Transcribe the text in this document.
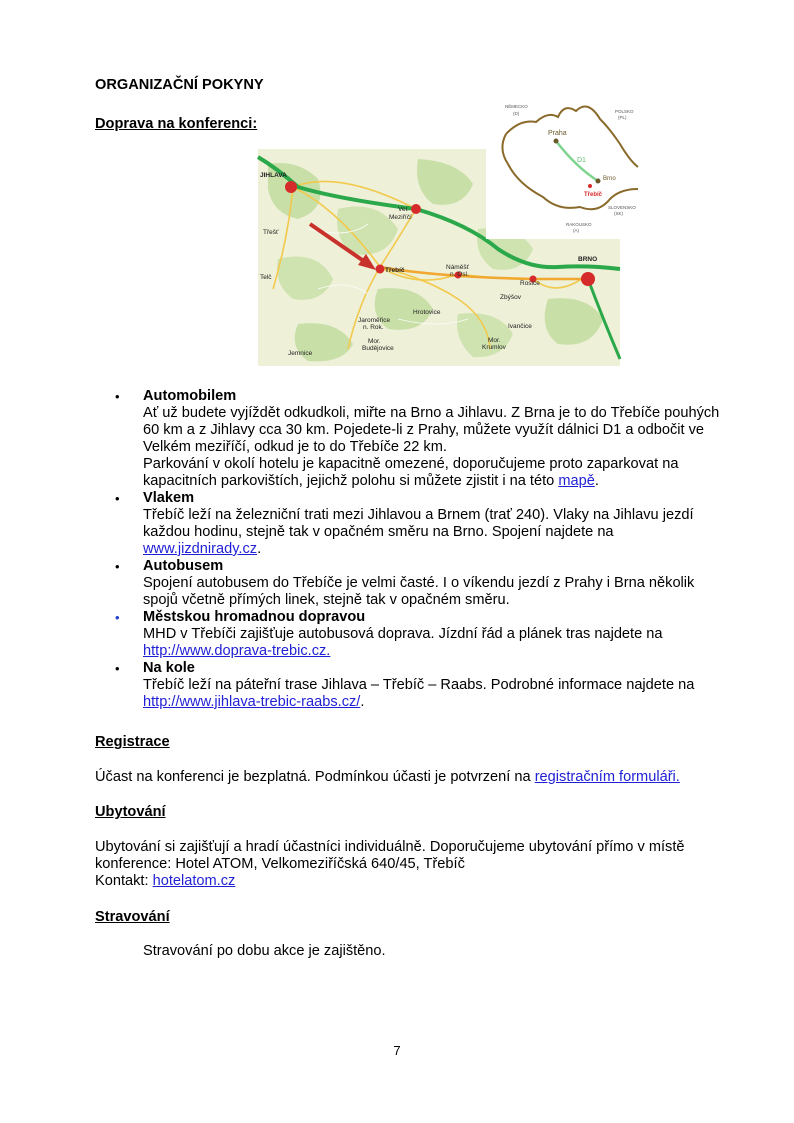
ORGANIZAČNÍ POKYNY
Doprava na konferenci:
JIHLAVA
BRNO
Vel.
Meziříčí
Třebíč	Náměšť
n. Osl.
Rosice
Třešť
Telč
Hrotovice
Jaroměřice
n. Rok.
Mor.
Budějovice
Jemnice
Mor.
Krumlov
Ivančice
Zbýšov
NĚMECKO
(D)	POLSKO
(PL)
SLOVENSKO
(SK)
RAKOUSKO
(A)
Praha
D1
Brno
Třebíč
• Automobilem
Ať už budete vyjíždět odkudkoli, miřte na Brno a Jihlavu. Z Brna je to do Třebíče pouhých
60 km a z Jihlavy cca 30 km. Pojedete-li z Prahy, můžete využít dálnici D1 a odbočit ve
Velkém meziříčí, odkud je to do Třebíče 22 km.
Parkování v okolí hotelu je kapacitně omezené, doporučujeme proto zaparkovat na
kapacitních parkovištích, jejichž polohu si můžete zjistit i na této mapě.
• Vlakem
Třebíč leží na železniční trati mezi Jihlavou a Brnem (trať 240). Vlaky na Jihlavu jezdí
každou hodinu, stejně tak v opačném směru na Brno. Spojení najdete na
www.jizdnirady.cz.
• Autobusem
Spojení autobusem do Třebíče je velmi časté. I o víkendu jezdí z Prahy i Brna několik
spojů včetně přímých linek, stejně tak v opačném směru.
• Městskou hromadnou dopravou
MHD v Třebíči zajišťuje autobusová doprava. Jízdní řád a plánek tras najdete na
http://www.doprava-trebic.cz.
• Na kole
Třebíč leží na páteřní trase Jihlava – Třebíč – Raabs. Podrobné informace najdete na
http://www.jihlava-trebic-raabs.cz/.
Registrace
Účast na konferenci je bezplatná. Podmínkou účasti je potvrzení na registračním formuláři.
Ubytování
Ubytování si zajišťují a hradí účastníci individuálně. Doporučujeme ubytování přímo v místě
konference: Hotel ATOM, Velkomeziříčská 640/45, Třebíč
Kontakt: hotelatom.cz
Stravování
Stravování po dobu akce je zajištěno.
7
